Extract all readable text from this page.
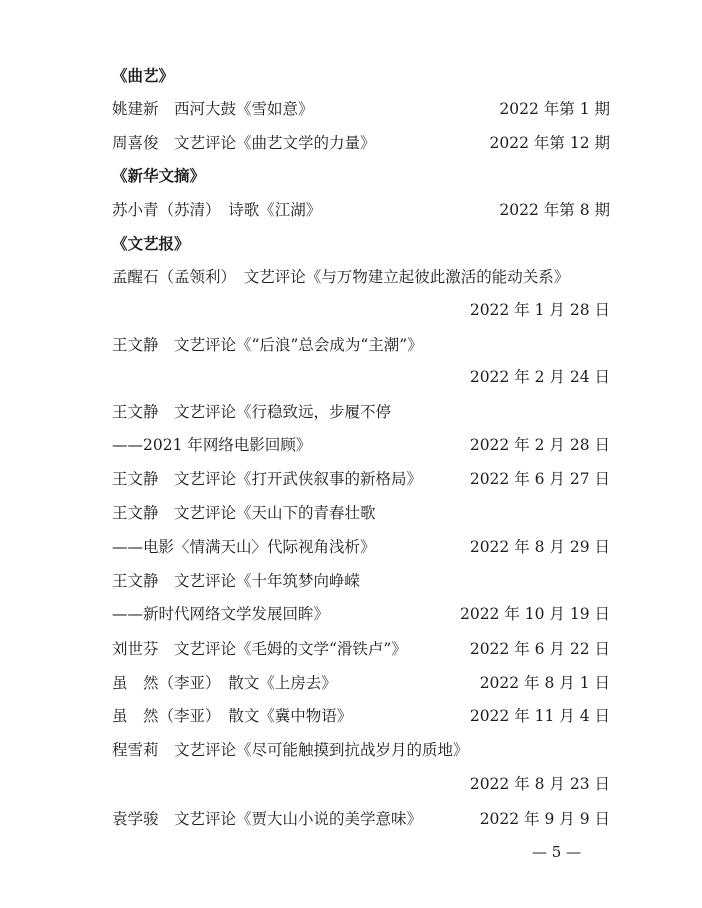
《曲艺》
姚建新　西河大鼓《雪如意》	2022 年第 1 期
周喜俊　文艺评论《曲艺文学的力量》	2022 年第 12 期
《新华文摘》
苏小青（苏清）　诗歌《江湖》	2022 年第 8 期
《文艺报》
孟醒石（孟领利）　文艺评论《与万物建立起彼此激活的能动关系》
2022 年 1 月 28 日
王文静　文艺评论《“后浪”总会成为“主潮”》
2022 年 2 月 24 日
王文静　文艺评论《行稳致远，步履不停
——2021 年网络电影回顾》	2022 年 2 月 28 日
王文静　文艺评论《打开武侠叙事的新格局》	2022 年 6 月 27 日
王文静　文艺评论《天山下的青春壮歌
——电影〈情满天山〉代际视角浅析》	2022 年 8 月 29 日
王文静　文艺评论《十年筑梦向峥嵘
——新时代网络文学发展回眸》	2022 年 10 月 19 日
刘世芬　文艺评论《毛姆的文学“滑铁卢”》	2022 年 6 月 22 日
虽　然（李亚）　散文《上房去》	2022 年 8 月 1 日
虽　然（李亚）　散文《冀中物语》	2022 年 11 月 4 日
程雪莉　文艺评论《尽可能触摸到抗战岁月的质地》
2022 年 8 月 23 日
袁学骏　文艺评论《贾大山小说的美学意味》	2022 年 9 月 9 日
— 5 —
